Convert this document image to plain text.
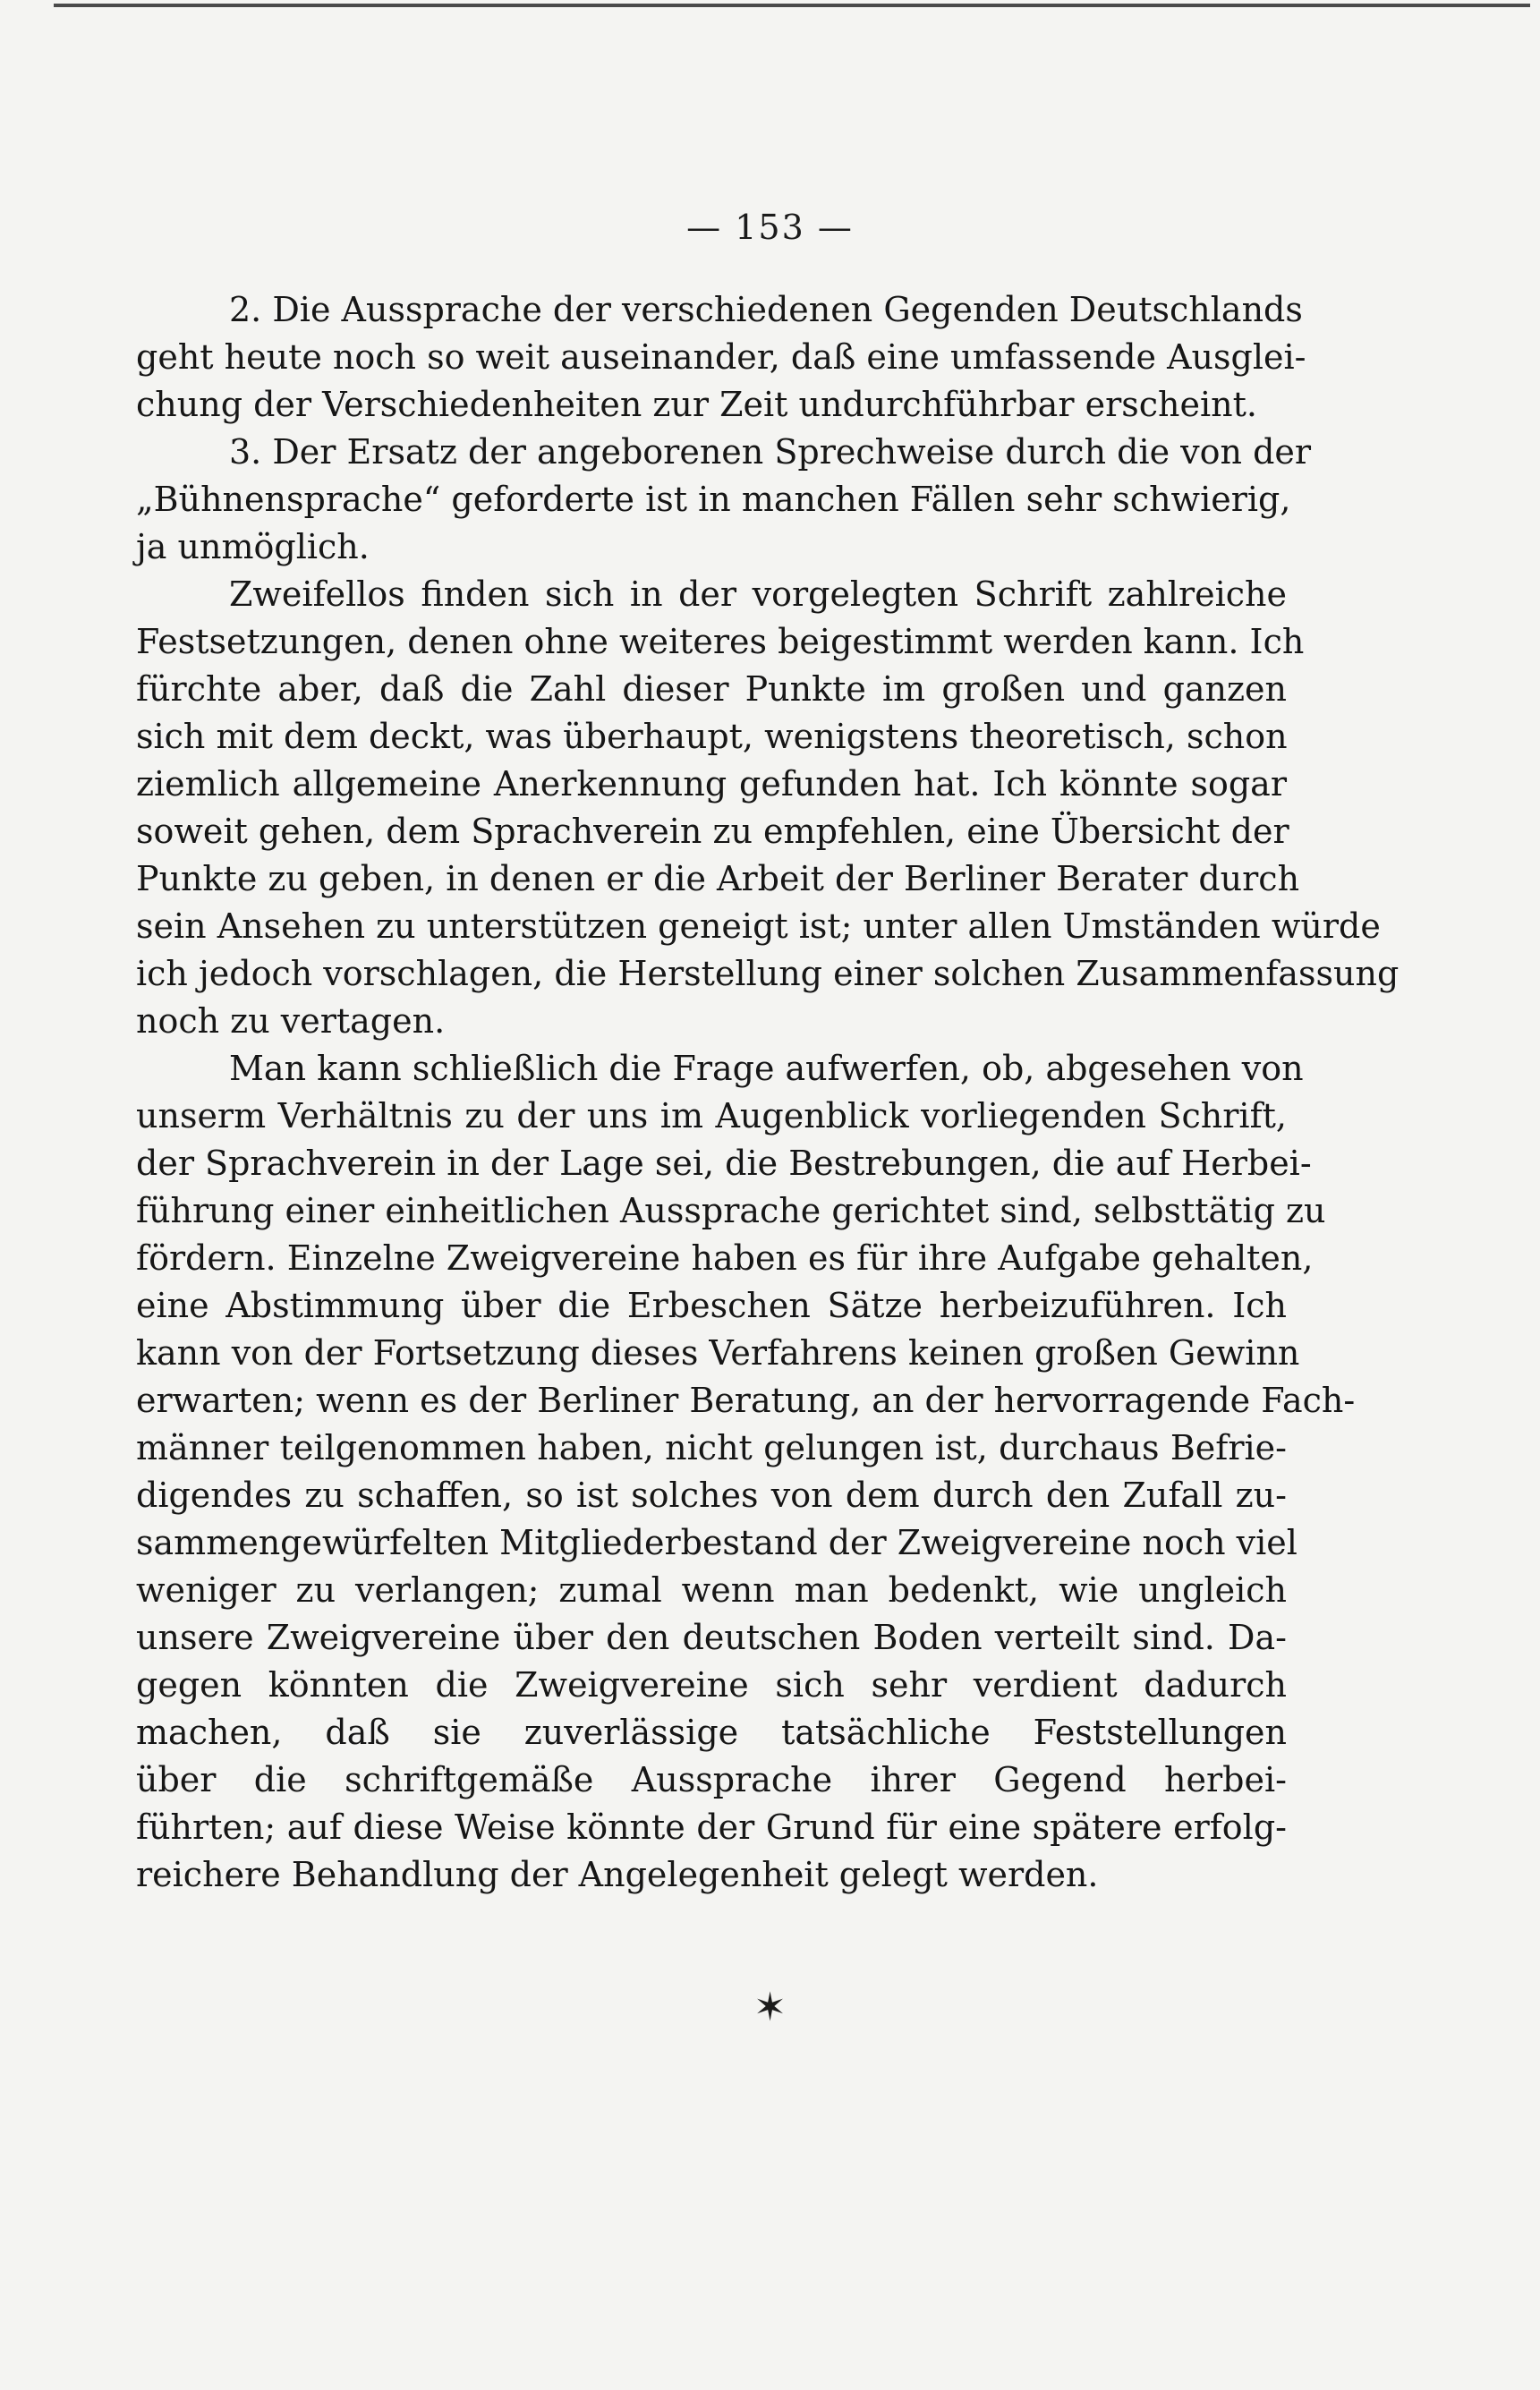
— 153 —
2. Die Aussprache der verschiedenen Gegenden Deutschlands
geht heute noch so weit auseinander, daß eine umfassende Ausglei-
chung der Verschiedenheiten zur Zeit undurchführbar erscheint.
3. Der Ersatz der angeborenen Sprechweise durch die von der
„Bühnensprache“ geforderte ist in manchen Fällen sehr schwierig,
ja unmöglich.
Zweifellos finden sich in der vorgelegten Schrift zahlreiche
Festsetzungen, denen ohne weiteres beigestimmt werden kann. Ich
fürchte aber, daß die Zahl dieser Punkte im großen und ganzen
sich mit dem deckt, was überhaupt, wenigstens theoretisch, schon
ziemlich allgemeine Anerkennung gefunden hat. Ich könnte sogar
soweit gehen, dem Sprachverein zu empfehlen, eine Übersicht der
Punkte zu geben, in denen er die Arbeit der Berliner Berater durch
sein Ansehen zu unterstützen geneigt ist; unter allen Umständen würde
ich jedoch vorschlagen, die Herstellung einer solchen Zusammenfassung
noch zu vertagen.
Man kann schließlich die Frage aufwerfen, ob, abgesehen von
unserm Verhältnis zu der uns im Augenblick vorliegenden Schrift,
der Sprachverein in der Lage sei, die Bestrebungen, die auf Herbei-
führung einer einheitlichen Aussprache gerichtet sind, selbsttätig zu
fördern. Einzelne Zweigvereine haben es für ihre Aufgabe gehalten,
eine Abstimmung über die Erbeschen Sätze herbeizuführen. Ich
kann von der Fortsetzung dieses Verfahrens keinen großen Gewinn
erwarten; wenn es der Berliner Beratung, an der hervorragende Fach-
männer teilgenommen haben, nicht gelungen ist, durchaus Befrie-
digendes zu schaffen, so ist solches von dem durch den Zufall zu-
sammengewürfelten Mitgliederbestand der Zweigvereine noch viel
weniger zu verlangen; zumal wenn man bedenkt, wie ungleich
unsere Zweigvereine über den deutschen Boden verteilt sind. Da-
gegen könnten die Zweigvereine sich sehr verdient dadurch
machen, daß sie zuverlässige tatsächliche Feststellungen
über die schriftgemäße Aussprache ihrer Gegend herbei-
führten; auf diese Weise könnte der Grund für eine spätere erfolg-
reichere Behandlung der Angelegenheit gelegt werden.
✶
